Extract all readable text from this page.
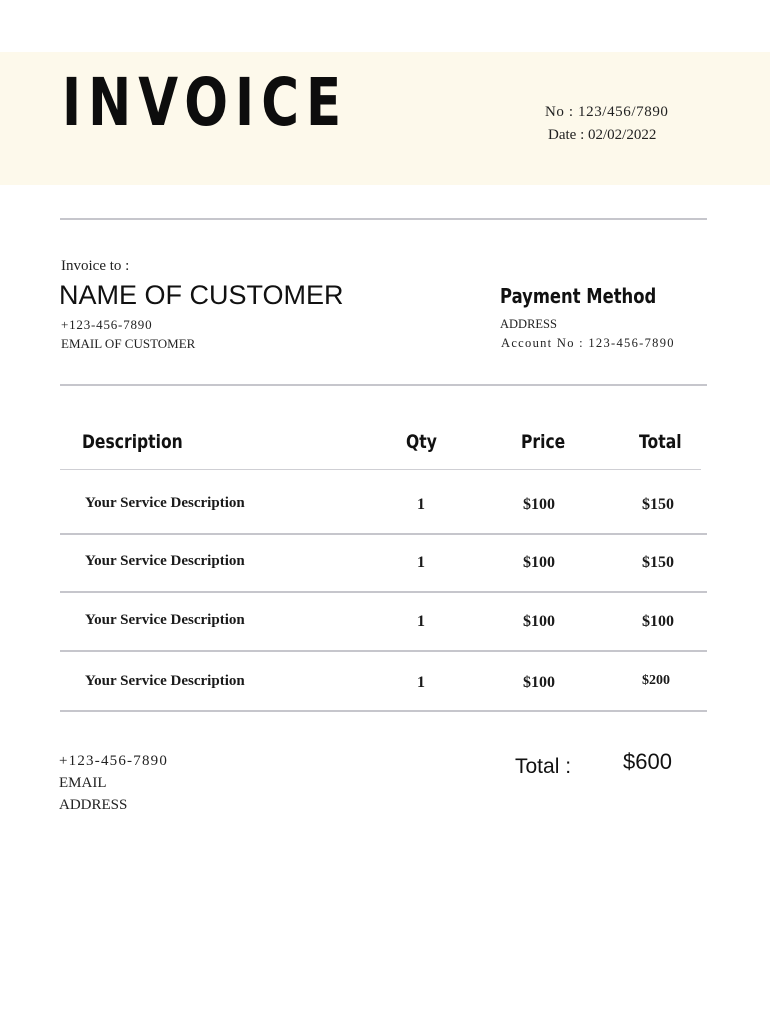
INVOICE	No : 123/456/7890
Date : 02/02/2022
Invoice to :
NAME OF CUSTOMER
+123-456-7890
EMAIL OF CUSTOMER
Payment Method
ADDRESS
Account No : 123-456-7890
Description	Qty	Price	Total
Your Service Description	1	$100	$150
Your Service Description	1	$100	$150
Your Service Description	1	$100	$100
Your Service Description	1	$100	$200
+123-456-7890
EMAIL
ADDRESS
Total : $600
